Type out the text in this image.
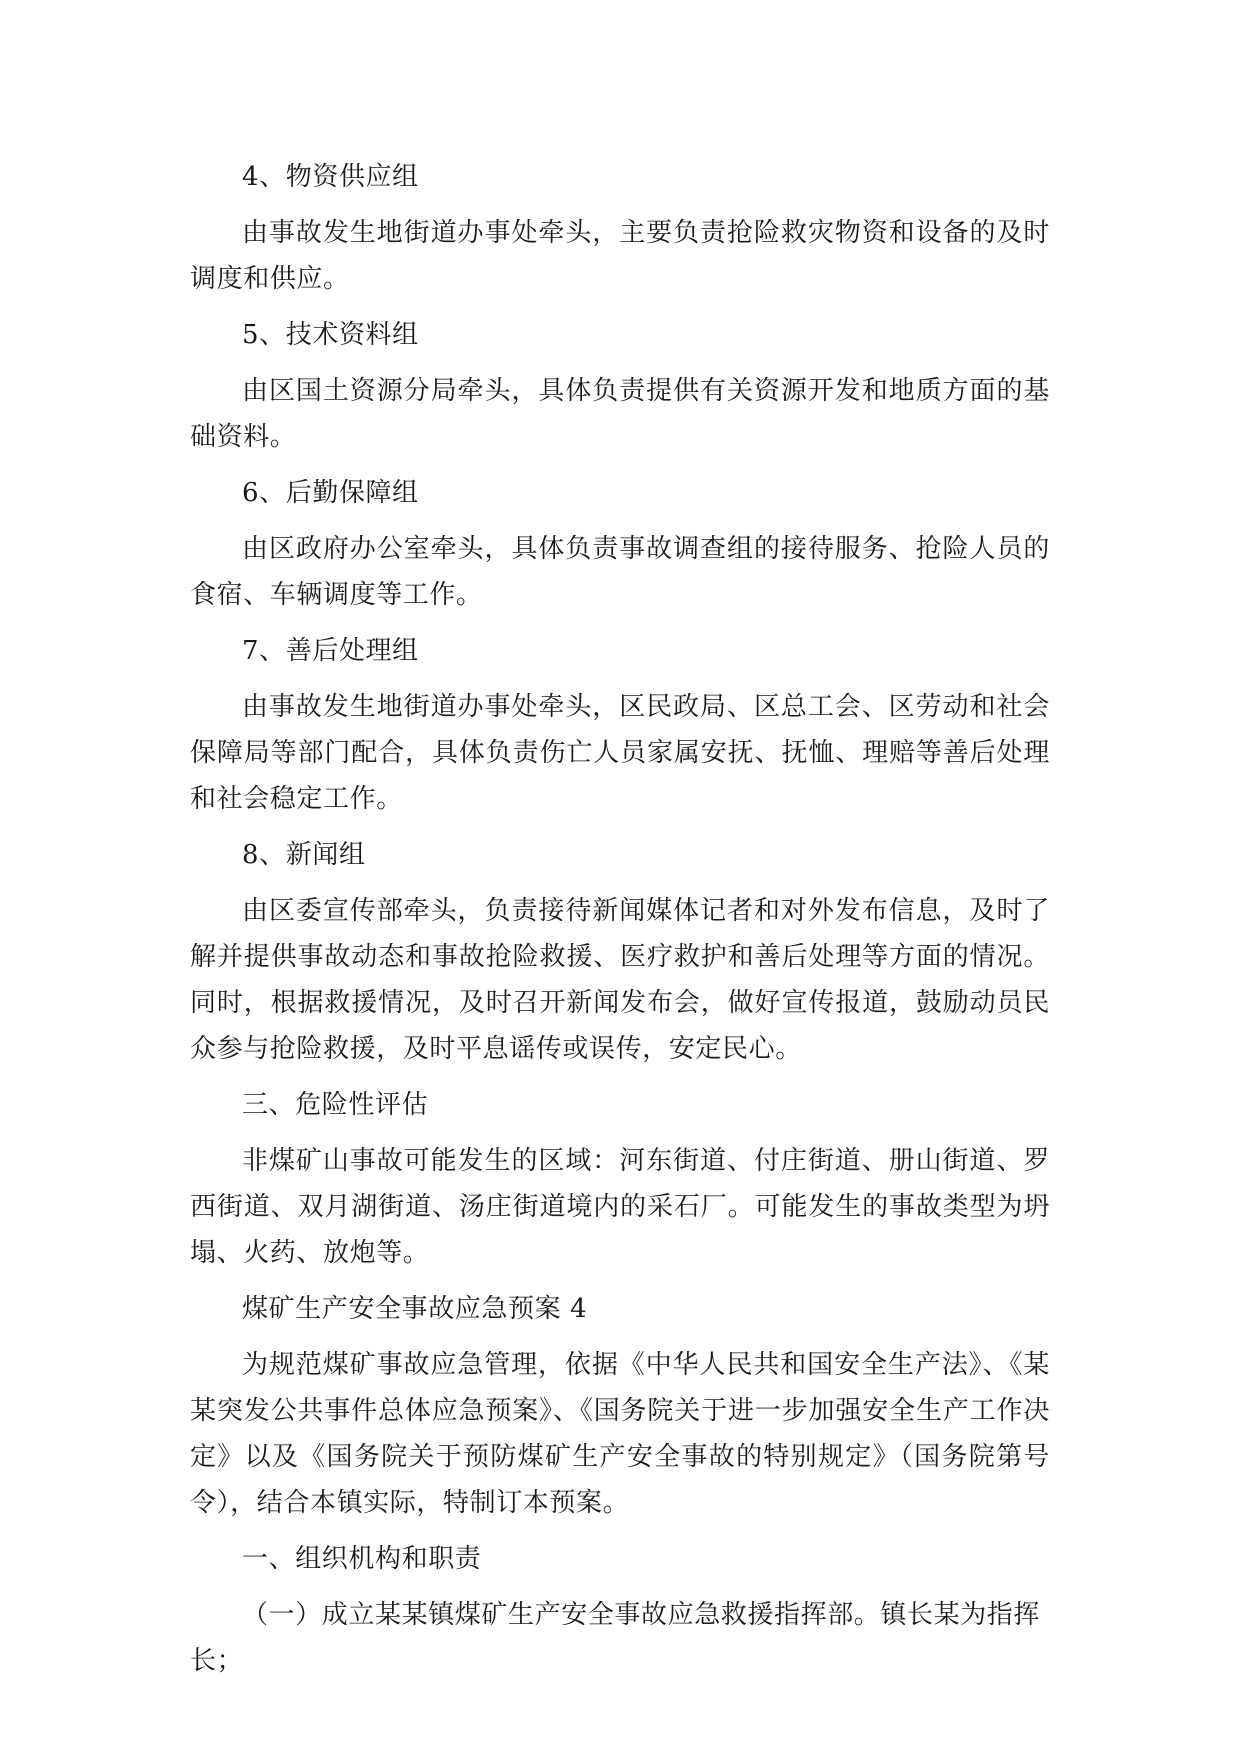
4、物资供应组

由事故发生地街道办事处牵头，主要负责抢险救灾物资和设备的及时调度和供应。

5、技术资料组

由区国土资源分局牵头，具体负责提供有关资源开发和地质方面的基础资料。

6、后勤保障组

由区政府办公室牵头，具体负责事故调查组的接待服务、抢险人员的食宿、车辆调度等工作。

7、善后处理组

由事故发生地街道办事处牵头，区民政局、区总工会、区劳动和社会保障局等部门配合，具体负责伤亡人员家属安抚、抚恤、理赔等善后处理和社会稳定工作。

8、新闻组

由区委宣传部牵头，负责接待新闻媒体记者和对外发布信息，及时了解并提供事故动态和事故抢险救援、医疗救护和善后处理等方面的情况。同时，根据救援情况，及时召开新闻发布会，做好宣传报道，鼓励动员民众参与抢险救援，及时平息谣传或误传，安定民心。

三、危险性评估

非煤矿山事故可能发生的区域：河东街道、付庄街道、册山街道、罗西街道、双月湖街道、汤庄街道境内的采石厂。可能发生的事故类型为坍塌、火药、放炮等。

煤矿生产安全事故应急预案 4

为规范煤矿事故应急管理，依据《中华人民共和国安全生产法》、《某某突发公共事件总体应急预案》、《国务院关于进一步加强安全生产工作决定》以及《国务院关于预防煤矿生产安全事故的特别规定》（国务院第号令），结合本镇实际，特制订本预案。

一、组织机构和职责

（一）成立某某镇煤矿生产安全事故应急救援指挥部。镇长某为指挥长；
